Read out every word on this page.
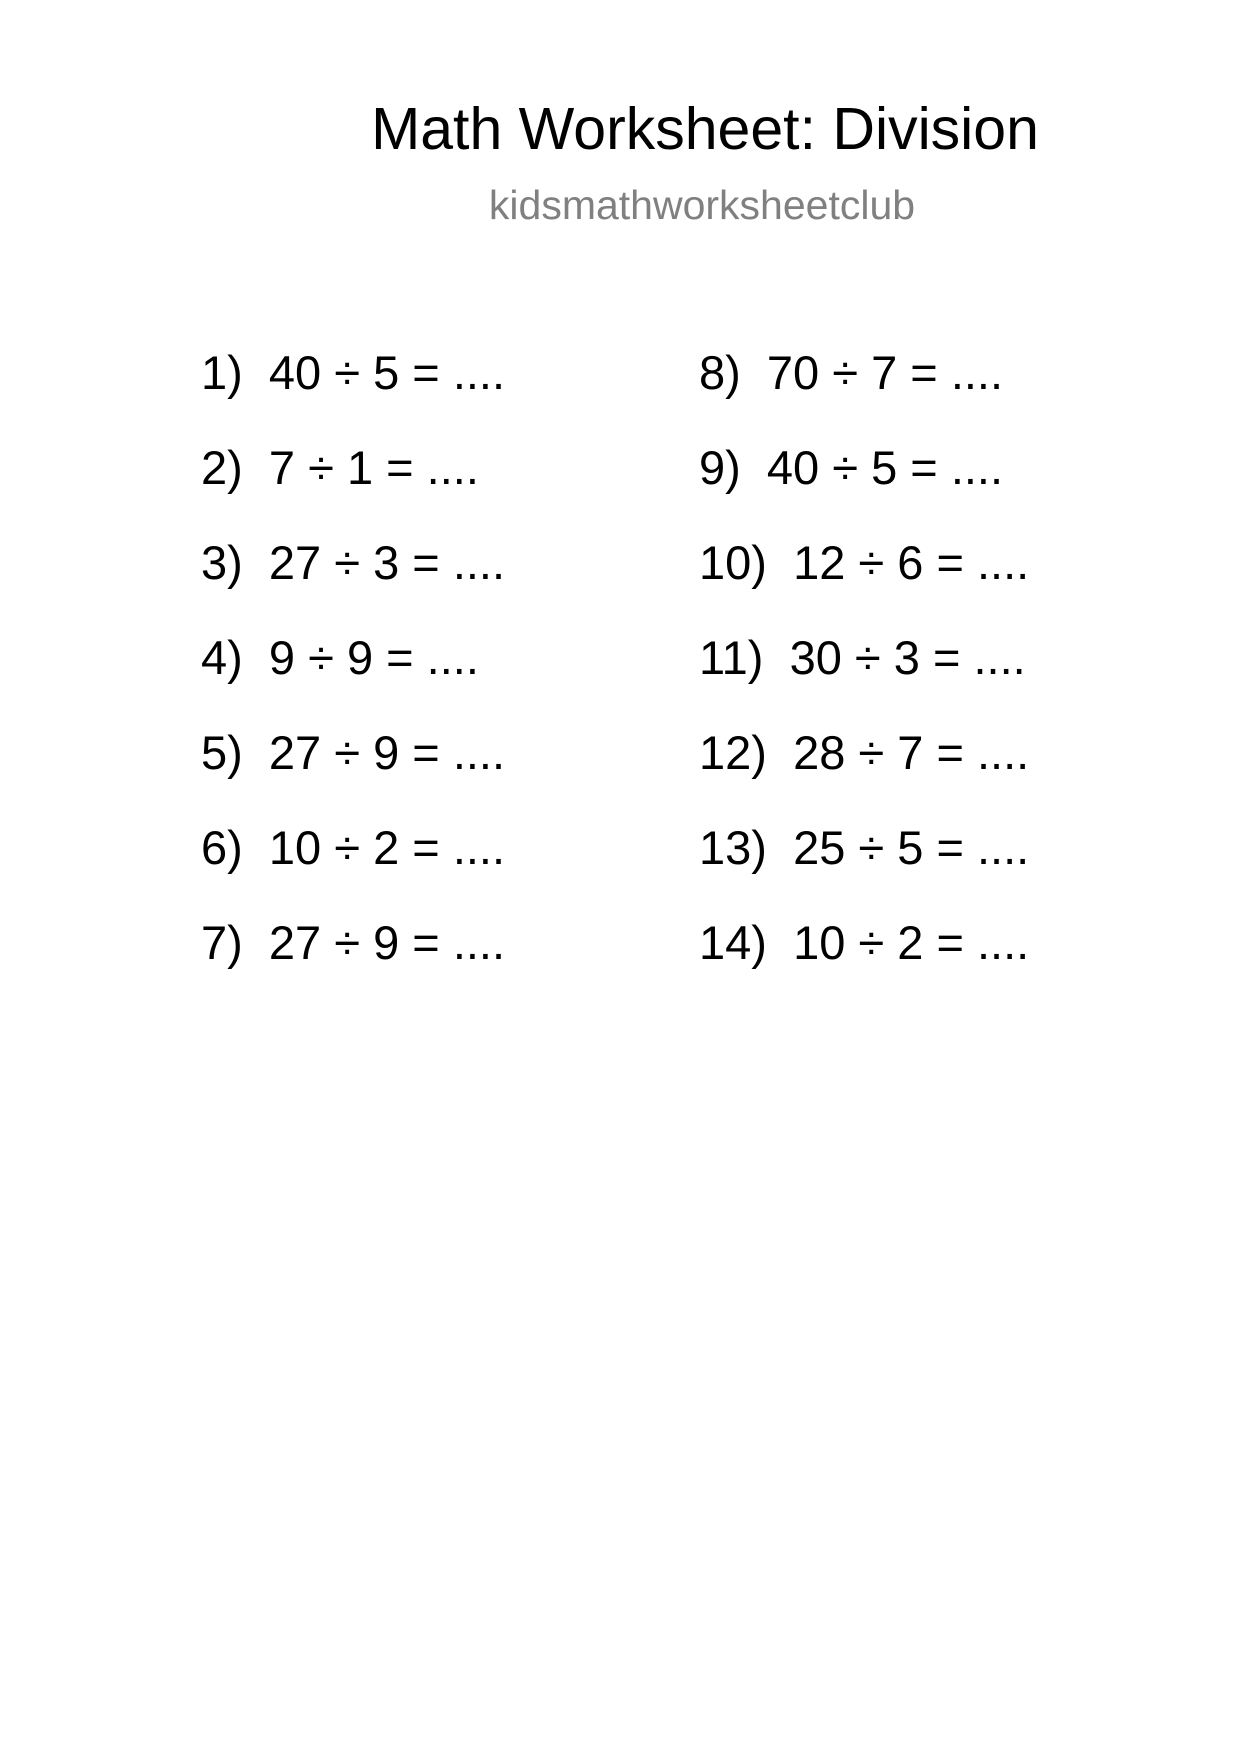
Math Worksheet: Division
kidsmathworksheetclub
1) 40 ÷ 5 = ....
2) 7 ÷ 1 = ....
3) 27 ÷ 3 = ....
4) 9 ÷ 9 = ....
5) 27 ÷ 9 = ....
6) 10 ÷ 2 = ....
7) 27 ÷ 9 = ....
8) 70 ÷ 7 = ....
9) 40 ÷ 5 = ....
10) 12 ÷ 6 = ....
11) 30 ÷ 3 = ....
12) 28 ÷ 7 = ....
13) 25 ÷ 5 = ....
14) 10 ÷ 2 = ....
